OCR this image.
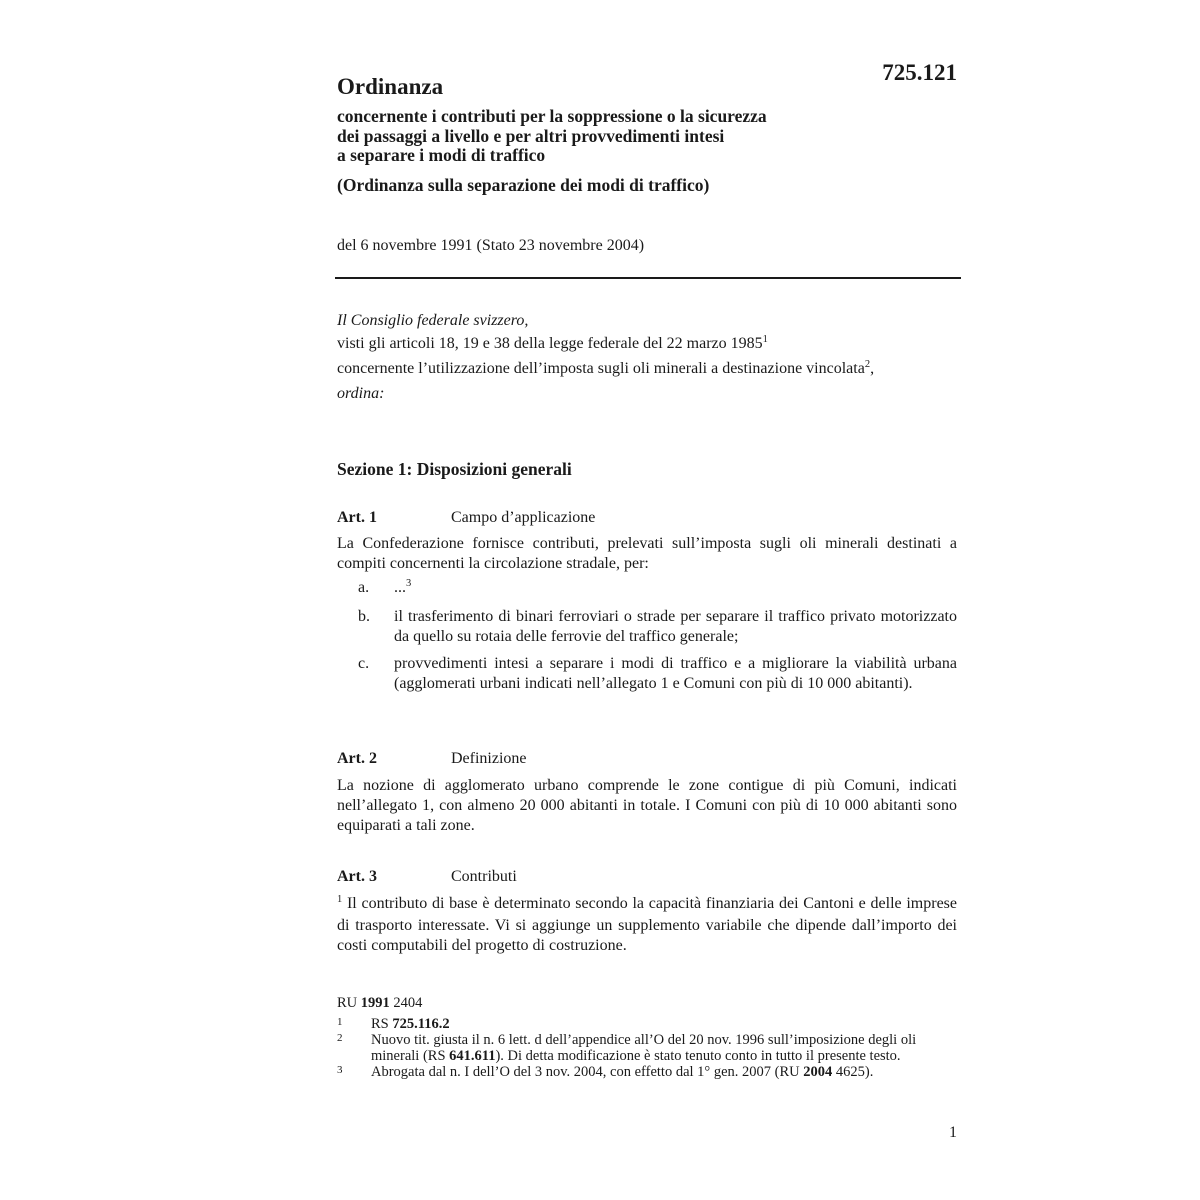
725.121
Ordinanza
concernente i contributi per la soppressione o la sicurezza
dei passaggi a livello e per altri provvedimenti intesi
a separare i modi di traffico
(Ordinanza sulla separazione dei modi di traffico)
del 6 novembre 1991 (Stato 23 novembre 2004)
Il Consiglio federale svizzero,
visti gli articoli 18, 19 e 38 della legge federale del 22 marzo 1985$^1$
concernente l’utilizzazione dell’imposta sugli oli minerali a destinazione vincolata$^2$,
ordina:
Sezione 1: Disposizioni generali
Art. 1	Campo d’applicazione
La Confederazione fornisce contributi, prelevati sull’imposta sugli oli minerali destinati a compiti concernenti la circolazione stradale, per:
a. ...$^3$
b. il trasferimento di binari ferroviari o strade per separare il traffico privato motorizzato da quello su rotaia delle ferrovie del traffico generale;
c. provvedimenti intesi a separare i modi di traffico e a migliorare la viabilità urbana (agglomerati urbani indicati nell’allegato 1 e Comuni con più di 10 000 abitanti).
Art. 2	Definizione
La nozione di agglomerato urbano comprende le zone contigue di più Comuni, indicati nell’allegato 1, con almeno 20 000 abitanti in totale. I Comuni con più di 10 000 abitanti sono equiparati a tali zone.
Art. 3	Contributi
$^1$ Il contributo di base è determinato secondo la capacità finanziaria dei Cantoni e delle imprese di trasporto interessate. Vi si aggiunge un supplemento variabile che dipende dall’importo dei costi computabili del progetto di costruzione.
RU 1991 2404
1 RS 725.116.2
2 Nuovo tit. giusta il n. 6 lett. d dell’appendice all’O del 20 nov. 1996 sull’imposizione degli oli minerali (RS 641.611). Di detta modificazione è stato tenuto conto in tutto il presente testo.
3 Abrogata dal n. I dell’O del 3 nov. 2004, con effetto dal 1° gen. 2007 (RU 2004 4625).
1
